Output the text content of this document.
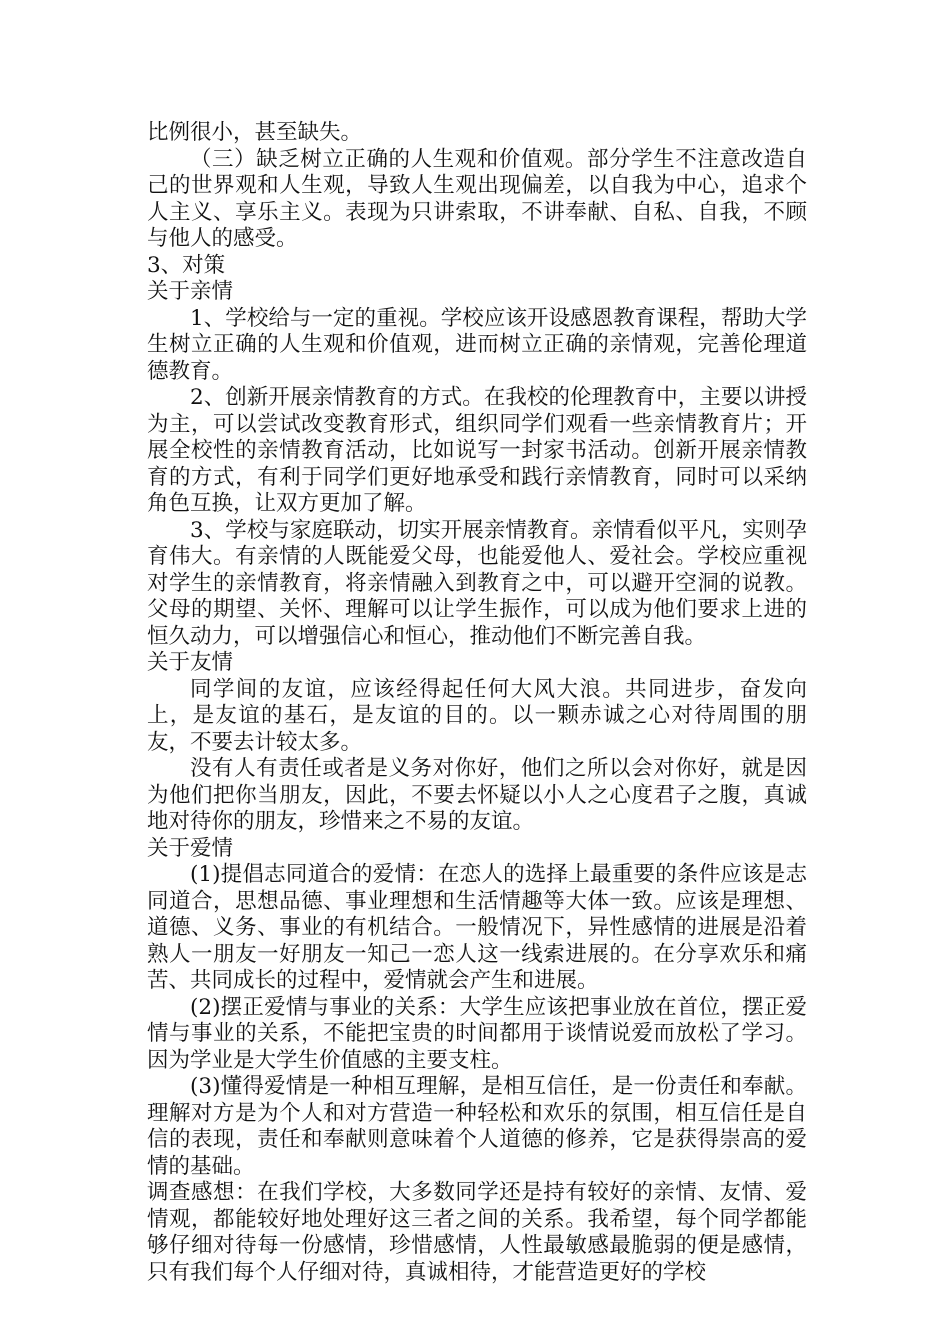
比例很小，甚至缺失。

（三）缺乏树立正确的人生观和价值观。部分学生不注意改造自己的世界观和人生观，导致人生观出现偏差，以自我为中心，追求个人主义、享乐主义。表现为只讲索取，不讲奉献、自私、自我，不顾与他人的感受。

3、对策

关于亲情

1、学校给与一定的重视。学校应该开设感恩教育课程，帮助大学生树立正确的人生观和价值观，进而树立正确的亲情观，完善伦理道德教育。

2、创新开展亲情教育的方式。在我校的伦理教育中，主要以讲授为主，可以尝试改变教育形式，组织同学们观看一些亲情教育片；开展全校性的亲情教育活动，比如说写一封家书活动。创新开展亲情教育的方式，有利于同学们更好地承受和践行亲情教育，同时可以采纳角色互换，让双方更加了解。

3、学校与家庭联动，切实开展亲情教育。亲情看似平凡，实则孕育伟大。有亲情的人既能爱父母，也能爱他人、爱社会。学校应重视对学生的亲情教育，将亲情融入到教育之中，可以避开空洞的说教。父母的期望、关怀、理解可以让学生振作，可以成为他们要求上进的恒久动力，可以增强信心和恒心，推动他们不断完善自我。

关于友情

同学间的友谊，应该经得起任何大风大浪。共同进步，奋发向上，是友谊的基石，是友谊的目的。以一颗赤诚之心对待周围的朋友，不要去计较太多。

没有人有责任或者是义务对你好，他们之所以会对你好，就是因为他们把你当朋友，因此，不要去怀疑以小人之心度君子之腹，真诚地对待你的朋友，珍惜来之不易的友谊。

关于爱情

(1)提倡志同道合的爱情：在恋人的选择上最重要的条件应该是志同道合，思想品德、事业理想和生活情趣等大体一致。应该是理想、道德、义务、事业的有机结合。一般情况下，异性感情的进展是沿着熟人一朋友一好朋友一知己一恋人这一线索进展的。在分享欢乐和痛苦、共同成长的过程中，爱情就会产生和进展。

(2)摆正爱情与事业的关系：大学生应该把事业放在首位，摆正爱情与事业的关系，不能把宝贵的时间都用于谈情说爱而放松了学习。因为学业是大学生价值感的主要支柱。

(3)懂得爱情是一种相互理解，是相互信任，是一份责任和奉献。理解对方是为个人和对方营造一种轻松和欢乐的氛围，相互信任是自信的表现，责任和奉献则意味着个人道德的修养，它是获得崇高的爱情的基础。

调查感想：在我们学校，大多数同学还是持有较好的亲情、友情、爱情观，都能较好地处理好这三者之间的关系。我希望，每个同学都能够仔细对待每一份感情，珍惜感情，人性最敏感最脆弱的便是感情，只有我们每个人仔细对待，真诚相待，才能营造更好的学校
